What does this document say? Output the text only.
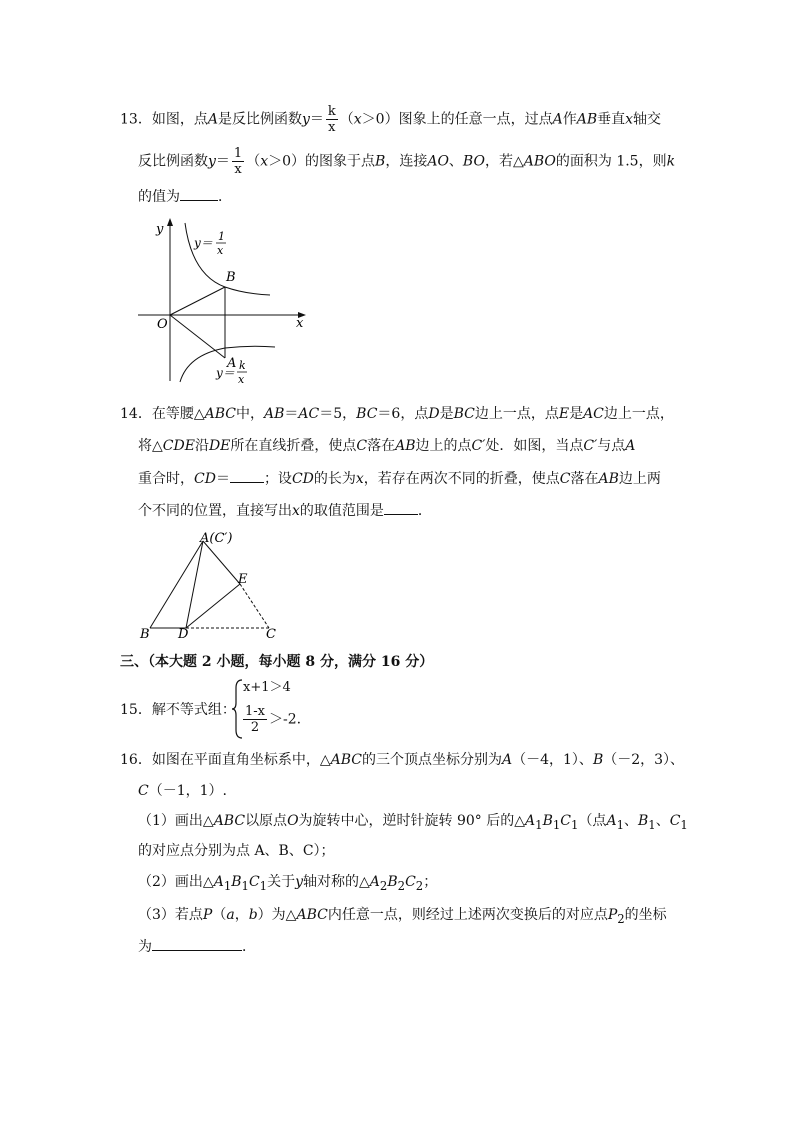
13．如图，点A是反比例函数$y= \frac{k}{x} (x>0)$图象上的任意一点，过点A作AB垂直x轴交
反比例函数$y= \frac{1}{x} (x>0)$的图象于点B，连接AO、BO，若△ABO的面积为 1.5，则k
的值为	．
y
x
O
B
A
y＝ 1
x
y＝
k
x
14．在等腰△ABC中，AB＝AC＝5，BC＝6，点D是BC边上一点，点E是AC边上一点，
将△CDE沿DE所在直线折叠，使点C落在AB边上的点C′处．如图，当点C′与点A
重合时，CD＝ ；设CD的长为x，若存在两次不同的折叠，使点C落在AB边上两
个不同的位置，直接写出x的取值范围是 ．
A(C′)
E
B D	C
三、（本大题 2 小题，每小题 8 分，满分 16 分）
15．解不等式组：
x+1＞4
$\frac{1-x}{2} >-2$.
16．如图在平面直角坐标系中，△ABC的三个顶点坐标分别为A（－4，1）、B（－2，3）、
C（－1，1）.
（1）画出△ABC以原点O为旋转中心，逆时针旋转 90° 后的$\triangle A_1B_1C_1$（点$A_1$、$B_1$、$C_1$
的对应点分别为点 A、B、C）；
（2）画出$\triangle A_1B_1C_1$关于y轴对称的$\triangle A_2B_2C_2$；
（3）若点P（a，b）为△ABC内任意一点，则经过上述两次变换后的对应点$P_2$的坐标
为	．
